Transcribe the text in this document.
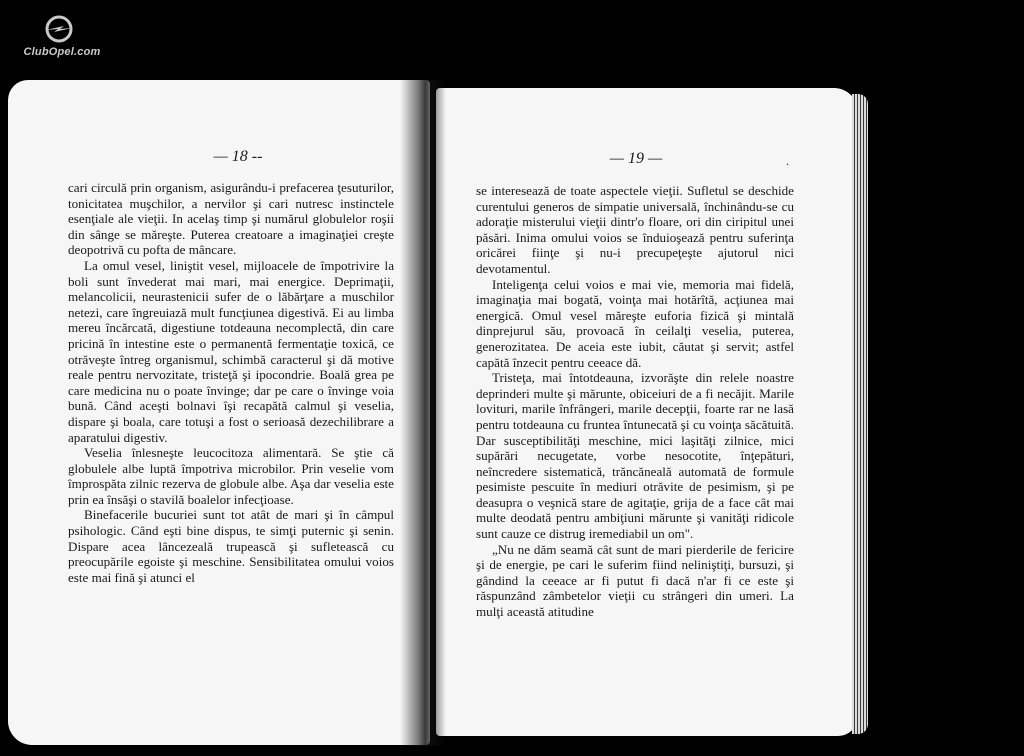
ClubOpel.com
— 18 --

cari circulă prin organism, asigurându-i prefacerea ţesuturilor, tonicitatea muşchilor, a nervilor şi cari nutresc instinctele esenţiale ale vieţii. In acelaş timp şi numărul globulelor roşii din sânge se măreşte. Puterea creatoare a imaginaţiei creşte deopotrivă cu pofta de mâncare.

La omul vesel, liniştit vesel, mijloacele de împotrivire la boli sunt învederat mai mari, mai energice. Deprimaţii, melancolicii, neurastenicii sufer de o lăbărţare a muschilor netezi, care îngreuiază mult funcţiunea digestivă. Ei au limba mereu încărcată, digestiune totdeauna necomplectă, din care pricină în intestine este o permanentă fermentaţie toxică, ce otrăveşte întreg organismul, schimbă caracterul şi dă motive reale pentru nervozitate, tristeţă şi ipocondrie. Boală grea pe care medicina nu o poate învinge; dar pe care o învinge voia bună. Când aceşti bolnavi îşi recapătă calmul şi veselia, dispare şi boala, care totuşi a fost o serioasă dezechilibrare a aparatului digestiv.

Veselia înlesneşte leucocitoza alimentară. Se ştie că globulele albe luptă împotriva microbilor. Prin veselie vom împrospăta zilnic rezerva de globule albe. Aşa dar veselia este prin ea însăşi o stavilă boalelor infecţioase.

Binefacerile bucuriei sunt tot atât de mari şi în câmpul psihologic. Când eşti bine dispus, te simţi puternic şi senin. Dispare acea lâncezeală trupească şi sufletească cu preocupările egoiste şi meschine. Sensibilitatea omului voios este mai fină şi atunci el

— 19 —	.

se interesează de toate aspectele vieţii. Sufletul se deschide curentului generos de simpatie universală, închinându-se cu adoraţie misterului vieţii dintr'o floare, ori din ciripitul unei păsări. Inima omului voios se înduioşează pentru suferinţa oricărei fiinţe şi nu-i precupeţeşte ajutorul nici devotamentul.

Inteligenţa celui voios e mai vie, memoria mai fidelă, imaginaţia mai bogată, voinţa mai hotărîtă, acţiunea mai energică. Omul vesel măreşte euforia fizică şi mintală dinprejurul său, provoacă în ceilalţi veselia, puterea, generozitatea. De aceia este iubit, căutat şi servit; astfel capătă înzecit pentru ceeace dă.

Tristeţa, mai întotdeauna, izvorăşte din relele noastre deprinderi multe şi mărunte, obiceiuri de a fi necăjit. Marile lovituri, marile înfrângeri, marile decepţii, foarte rar ne lasă pentru totdeauna cu fruntea întunecată şi cu voinţa săcătuită. Dar susceptibilităţi meschine, mici laşităţi zilnice, mici supărări necugetate, vorbe nesocotite, înţepături, neîncredere sistematică, trăncăneală automată de formule pesimiste pescuite în mediuri otrăvite de pesimism, şi pe deasupra o veşnică stare de agitaţie, grija de a face cât mai multe deodată pentru ambiţiuni mărunte şi vanităţi ridicole sunt cauze ce distrug iremediabil un om".

„Nu ne dăm seamă cât sunt de mari pierderile de fericire şi de energie, pe cari le suferim fiind neliniştiţi, bursuzi, şi gândind la ceeace ar fi putut fi dacă n'ar fi ce este şi răspunzând zâmbetelor vieţii cu strângeri din umeri. La mulţi această atitudine
